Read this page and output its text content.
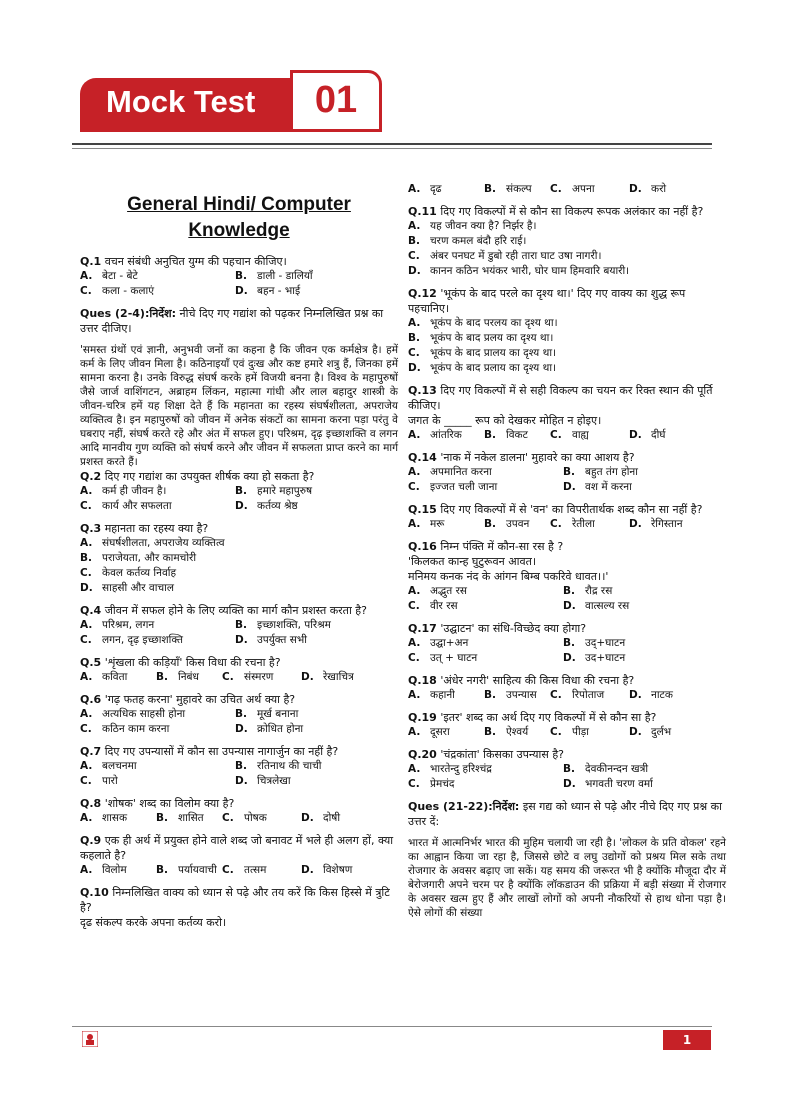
Mock Test	01
General Hindi/ Computer
Knowledge

Q.1 वचन संबंधी अनुचित युग्म की पहचान कीजिए।

A. बेटा - बेटे	B. डाली - डालियाँ
C. कला - कलाएं	D. बहन - भाई

Ques (2-4):निर्देश: नीचे दिए गए गद्यांश को पढ़कर निम्नलिखित प्रश्न का उत्तर दीजिए।

'समस्त ग्रंथों एवं ज्ञानी, अनुभवी जनों का कहना है कि जीवन एक कर्मक्षेत्र है। हमें कर्म के लिए जीवन मिला है। कठिनाइयाँ एवं दुःख और कष्ट हमारे शत्रु हैं, जिनका हमें सामना करना है। उनके विरुद्ध संघर्ष करके हमें विजयी बनना है। विश्व के महापुरुषों जैसे जार्ज वाशिंगटन, अब्राहम लिंकन, महात्मा गांधी और लाल बहादुर शास्त्री के जीवन-चरित्र हमें यह शिक्षा देते हैं कि महानता का रहस्य संघर्षशीलता, अपराजेय व्यक्तित्व है। इन महापुरुषों को जीवन में अनेक संकटों का सामना करना पड़ा परंतु वे घबराए नहीं, संघर्ष करते रहे और अंत में सफल हुए। परिश्रम, दृढ़ इच्छाशक्ति व लगन आदि मानवीय गुण व्यक्ति को संघर्ष करने और जीवन में सफलता प्राप्त करने का मार्ग प्रशस्त करते हैं।

Q.2 दिए गए गद्यांश का उपयुक्त शीर्षक क्या हो सकता है?

A. कर्म ही जीवन है।	B. हमारे महापुरुष
C. कार्य और सफलता	D. कर्तव्य श्रेष्ठ

Q.3 महानता का रहस्य क्या है?

A. संघर्षशीलता, अपराजेय व्यक्तित्व
B. पराजेयता, और कामचोरी
C. केवल कर्तव्य निर्वाह
D. साहसी और वाचाल

Q.4 जीवन में सफल होने के लिए व्यक्ति का मार्ग कौन प्रशस्त करता है?

A. परिश्रम, लगन	B. इच्छाशक्ति, परिश्रम
C. लगन, दृढ़ इच्छाशक्ति	D. उपर्युक्त सभी

Q.5 'शृंखला की कड़ियाँ' किस विधा की रचना है?

A. कविता	B. निबंध C. संस्मरण	D. रेखाचित्र

Q.6 'गढ़ फतह करना' मुहावरे का उचित अर्थ क्या है?

A. अत्यधिक साहसी होना	B. मूर्ख बनाना
C. कठिन काम करना	D. क्रोधित होना

Q.7 दिए गए उपन्यासों में कौन सा उपन्यास नागार्जुन का नहीं है?

A. बलचनमा	B. रतिनाथ की चाची
C. पारो	D. चित्रलेखा

Q.8 'शोषक' शब्द का विलोम क्या है?

A. शासक	B. शासित C. पोषक	D. दोषी

Q.9 एक ही अर्थ में प्रयुक्त होने वाले शब्द जो बनावट में भले ही अलग हों, क्या कहलाते है?

A. विलोम	B. पर्यायवाची C. तत्सम	D. विशेषण

Q.10 निम्नलिखित वाक्य को ध्यान से पढ़े और तय करें कि किस हिस्से में त्रुटि है?

दृढ संकल्प करके अपना कर्तव्य करो।

A. दृढ	B. संकल्प C. अपना	D. करो

Q.11 दिए गए विकल्पों में से कौन सा विकल्प रूपक अलंकार का नहीं है?

A. यह जीवन क्या है? निर्झर है।
B. चरण कमल बंदौ हरि राई।
C. अंबर पनघट में डुबो रही तारा घाट उषा नागरी।
D. कानन कठिन भयंकर भारी, घोर घाम हिमवारि बयारी।

Q.12 'भूकंप के बाद परले का दृश्य था।' दिए गए वाक्य का शुद्ध रूप पहचानिए।

A. भूकंप के बाद परलय का दृश्य था।
B. भूकंप के बाद प्रलय का दृश्य था।
C. भूकंप के बाद प्रालय का दृश्य था।
D. भूकंप के बाद प्रलाय का दृश्य था।

Q.13 दिए गए विकल्पों में से सही विकल्प का चयन कर रिक्त स्थान की पूर्ति कीजिए।

जगत के _____ रूप को देखकर मोहित न होइए।

A. आंतरिक B. विकट C. वाह्य	D. दीर्घ

Q.14 'नाक में नकेल डालना' मुहावरे का क्या आशय है?

A. अपमानित करना	B. बहुत तंग होना
C. इज्जत चली जाना	D. वश में करना

Q.15 दिए गए विकल्पों में से 'वन' का विपरीतार्थक शब्द कौन सा नहीं है?

A. मरू	B. उपवन C. रेतीला	D. रेगिस्तान

Q.16 निम्न पंक्ति में कौन-सा रस है ?

'किलकत कान्ह घुटुरूवन आवत।

मनिमय कनक नंद के आंगन बिम्ब पकरिवे धावत।।'

A. अद्भुत रस	B. रौद्र रस
C. वीर रस	D. वात्सल्य रस

Q.17 'उद्घाटन' का संधि-विच्छेद क्या होगा?

A. उद्घा+अन	B. उद्+घाटन
C. उत् + घाटन	D. उद+घाटन

Q.18 'अंधेर नगरी' साहित्य की किस विधा की रचना है?

A. कहानी	B. उपन्यास C. रिपोताज D. नाटक

Q.19 'इतर' शब्द का अर्थ दिए गए विकल्पों में से कौन सा है?

A. दूसरा	B. ऐश्वर्य C. पीड़ा	D. दुर्लभ

Q.20 'चंद्रकांता' किसका उपन्यास है?

A. भारतेन्दु हरिश्चंद्र	B. देवकीनन्दन खत्री
C. प्रेमचंद	D. भगवती चरण वर्मा

Ques (21-22):निर्देश: इस गद्य को ध्यान से पढ़े और नीचे दिए गए प्रश्न का उत्तर दें:

भारत में आत्मनिर्भर भारत की मुहिम चलायी जा रही है। 'लोकल के प्रति वोकल' रहने का आह्वान किया जा रहा है, जिससे छोटे व लघु उद्योगों को प्रश्रय मिल सके तथा रोजगार के अवसर बढ़ाए जा सकें। यह समय की जरूरत भी है क्योंकि मौजूदा दौर में बेरोजगारी अपने चरम पर है क्योंकि लॉकडाउन की प्रक्रिया में बड़ी संख्या में रोजगार के अवसर खत्म हुए हैं और लाखों लोगों को अपनी नौकरियों से हाथ धोना पड़ा है। ऐसे लोगों की संख्या

1
